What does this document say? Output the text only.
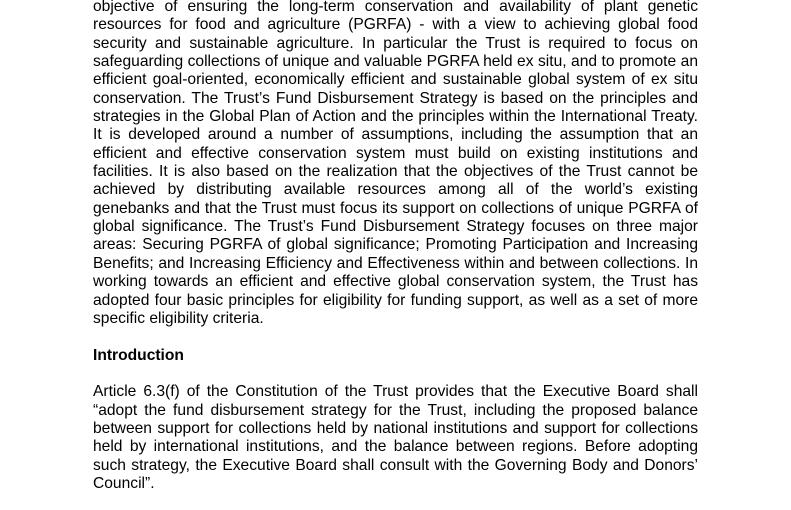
objective of ensuring the long-term conservation and availability of plant genetic resources for food and agriculture (PGRFA) - with a view to achieving global food security and sustainable agriculture. In particular the Trust is required to focus on safeguarding collections of unique and valuable PGRFA held ex situ, and to promote an efficient goal-oriented, economically efficient and sustainable global system of ex situ conservation. The Trust’s Fund Disbursement Strategy is based on the principles and strategies in the Global Plan of Action and the principles within the International Treaty. It is developed around a number of assumptions, including the assumption that an efficient and effective conservation system must build on existing institutions and facilities. It is also based on the realization that the objectives of the Trust cannot be achieved by distributing available resources among all of the world’s existing genebanks and that the Trust must focus its support on collections of unique PGRFA of global significance. The Trust’s Fund Disbursement Strategy focuses on three major areas: Securing PGRFA of global significance; Promoting Participation and Increasing Benefits; and Increasing Efficiency and Effectiveness within and between collections. In working towards an efficient and effective global conservation system, the Trust has adopted four basic principles for eligibility for funding support, as well as a set of more specific eligibility criteria.

Introduction

Article 6.3(f) of the Constitution of the Trust provides that the Executive Board shall “adopt the fund disbursement strategy for the Trust, including the proposed balance between support for collections held by national institutions and support for collections held by international institutions, and the balance between regions. Before adopting such strategy, the Executive Board shall consult with the Governing Body and Donors’ Council”.
